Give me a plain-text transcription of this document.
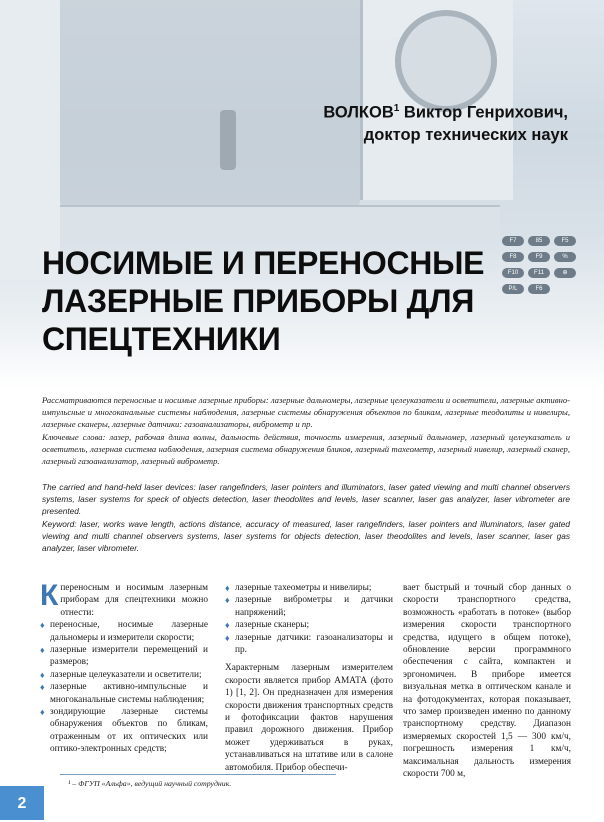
F7	85
F8	F9
F10	F11
P/L	F6
F5
%
⊕
ВОЛКОВ$^1$ Виктор Генрихович,
доктор технических наук
НОСИМЫЕ И ПЕРЕНОСНЫЕ
ЛАЗЕРНЫЕ ПРИБОРЫ ДЛЯ
СПЕЦТЕХНИКИ

Рассматриваются переносные и носимые лазерные приборы: лазерные дальномеры, лазерные целеуказатели и осветители, лазерные активно-импульсные и многоканальные системы наблюдения, лазерные системы обнаружения объектов по бликам, лазерные теодолиты и нивелиры, лазерные сканеры, лазерные датчики: газоанализаторы, виброметр и пр.

Ключевые слова: лазер, рабочая длина волны, дальность действия, точность измерения, лазерный дальномер, лазерный целеуказатель и осветитель, лазерная система наблюдения, лазерная система обнаружения бликов, лазерный тахеометр, лазерный нивелир, лазерный сканер, лазерный газоанализатор, лазерный виброметр.

The carried and hand-held laser devices: laser rangefinders, laser pointers and illuminators, laser gated viewing and multi channel observers systems, laser systems for speck of objects detection, laser theodolites and levels, laser scanner, laser gas analyzer, laser vibrometer are presented.

Keyword: laser, works wave length, actions distance, accuracy of measured, laser rangefinders, laser pointers and illuminators, laser gated viewing and multi channel observers systems, laser systems for objects detection, laser theodolites and levels, laser scanner, laser gas analyzer, laser vibrometer.

К переносным и носимым лазерным приборам для спецтехники можно отнести:

♦ переносные, носимые лазерные дальномеры и измерители скорости;
♦ лазерные измерители перемещений и размеров;
♦ лазерные целеуказатели и осветители;
♦ лазерные активно-импульсные и многоканальные системы наблюдения;
♦ зондирующие лазерные системы обнаружения объектов по бликам, отраженным от их оптических или оптико-электронных средств;
♦ лазерные тахеометры и нивелиры;
♦ лазерные виброметры и датчики напряжений;
♦ лазерные сканеры;
♦ лазерные датчики: газоанализаторы и пр.

Характерным лазерным измерителем скорости является прибор АМАТА (фото 1) [1, 2]. Он предназначен для измерения скорости движения транспортных средств и фотофиксации фактов нарушения правил дорожного движения. Прибор может удерживаться в руках, устанавливаться на штативе или в салоне автомобиля. Прибор обеспечи-

вает быстрый и точный сбор данных о скорости транспортного средства, возможность «работать в потоке» (выбор измерения скорости транспортного средства, идущего в общем потоке), обновление версии программного обеспечения с сайта, компактен и эргономичен. В приборе имеется визуальная метка в оптическом канале и на фотодокументах, которая показывает, что замер произведен именно по данному транспортному средству. Диапазон измеряемых скоростей 1,5 — 300 км/ч, погрешность измерения 1 км/ч, максимальная дальность измерения скорости 700 м,

¹ – ФГУП «Альфа», ведущий научный сотрудник.
2
